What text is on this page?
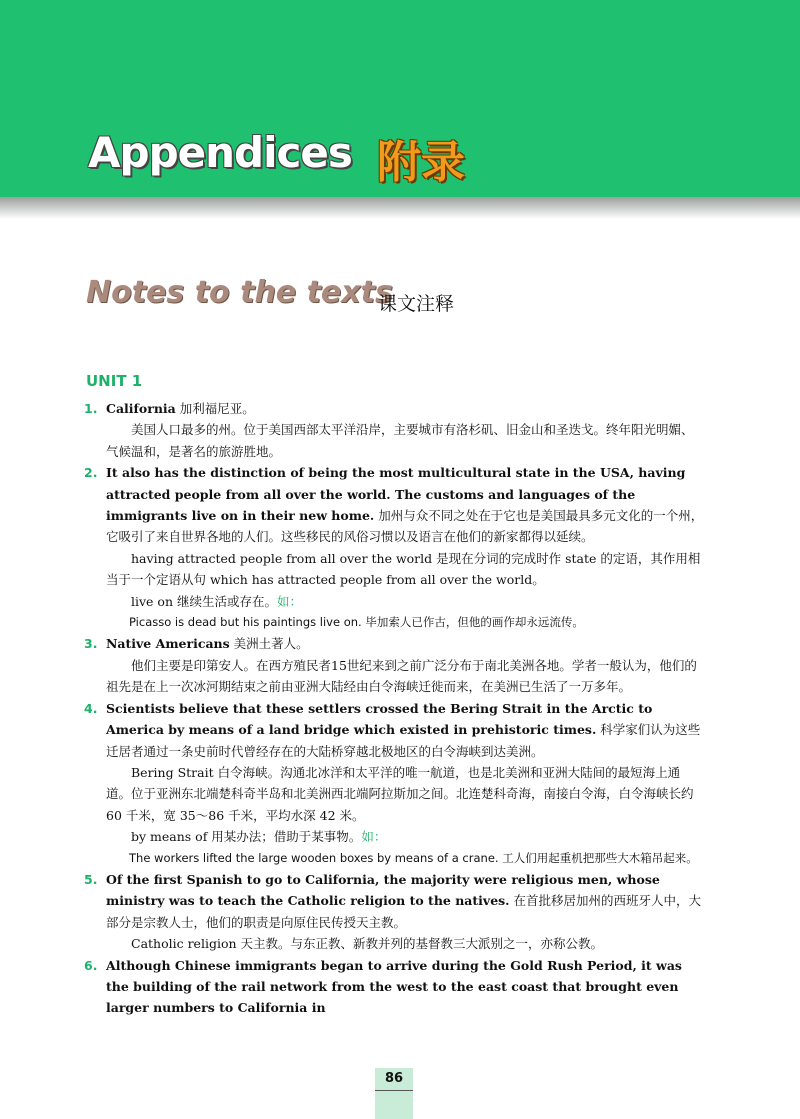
Appendices 附录
Notes to the texts
课文注释
UNIT 1
1. California 加利福尼亚。
美国人口最多的州。位于美国西部太平洋沿岸，主要城市有洛杉矶、旧金山和圣迭戈。终年阳光明媚、气候温和，是著名的旅游胜地。
2. It also has the distinction of being the most multicultural state in the USA, having attracted people from all over the world. The customs and languages of the immigrants live on in their new home. 加州与众不同之处在于它也是美国最具多元文化的一个州，它吸引了来自世界各地的人们。这些移民的风俗习惯以及语言在他们的新家都得以延续。
having attracted people from all over the world 是现在分词的完成时作 state 的定语，其作用相当于一个定语从句 which has attracted people from all over the world。
live on 继续生活或存在。如：
Picasso is dead but his paintings live on. 毕加索人已作古，但他的画作却永远流传。
3. Native Americans 美洲土著人。
他们主要是印第安人。在西方殖民者15世纪来到之前广泛分布于南北美洲各地。学者一般认为，他们的祖先是在上一次冰河期结束之前由亚洲大陆经由白令海峡迁徙而来，在美洲已生活了一万多年。
4. Scientists believe that these settlers crossed the Bering Strait in the Arctic to America by means of a land bridge which existed in prehistoric times. 科学家们认为这些迁居者通过一条史前时代曾经存在的大陆桥穿越北极地区的白令海峡到达美洲。
Bering Strait 白令海峡。沟通北冰洋和太平洋的唯一航道，也是北美洲和亚洲大陆间的最短海上通道。位于亚洲东北端楚科奇半岛和北美洲西北端阿拉斯加之间。北连楚科奇海，南接白令海，白令海峡长约 60 千米，宽 35～86 千米，平均水深 42 米。
by means of 用某办法；借助于某事物。如：
The workers lifted the large wooden boxes by means of a crane. 工人们用起重机把那些大木箱吊起来。
5. Of the first Spanish to go to California, the majority were religious men, whose ministry was to teach the Catholic religion to the natives. 在首批移居加州的西班牙人中，大部分是宗教人士，他们的职责是向原住民传授天主教。
Catholic religion 天主教。与东正教、新教并列的基督教三大派别之一，亦称公教。
6. Although Chinese immigrants began to arrive during the Gold Rush Period, it was the building of the rail network from the west to the east coast that brought even larger numbers to California in
86
